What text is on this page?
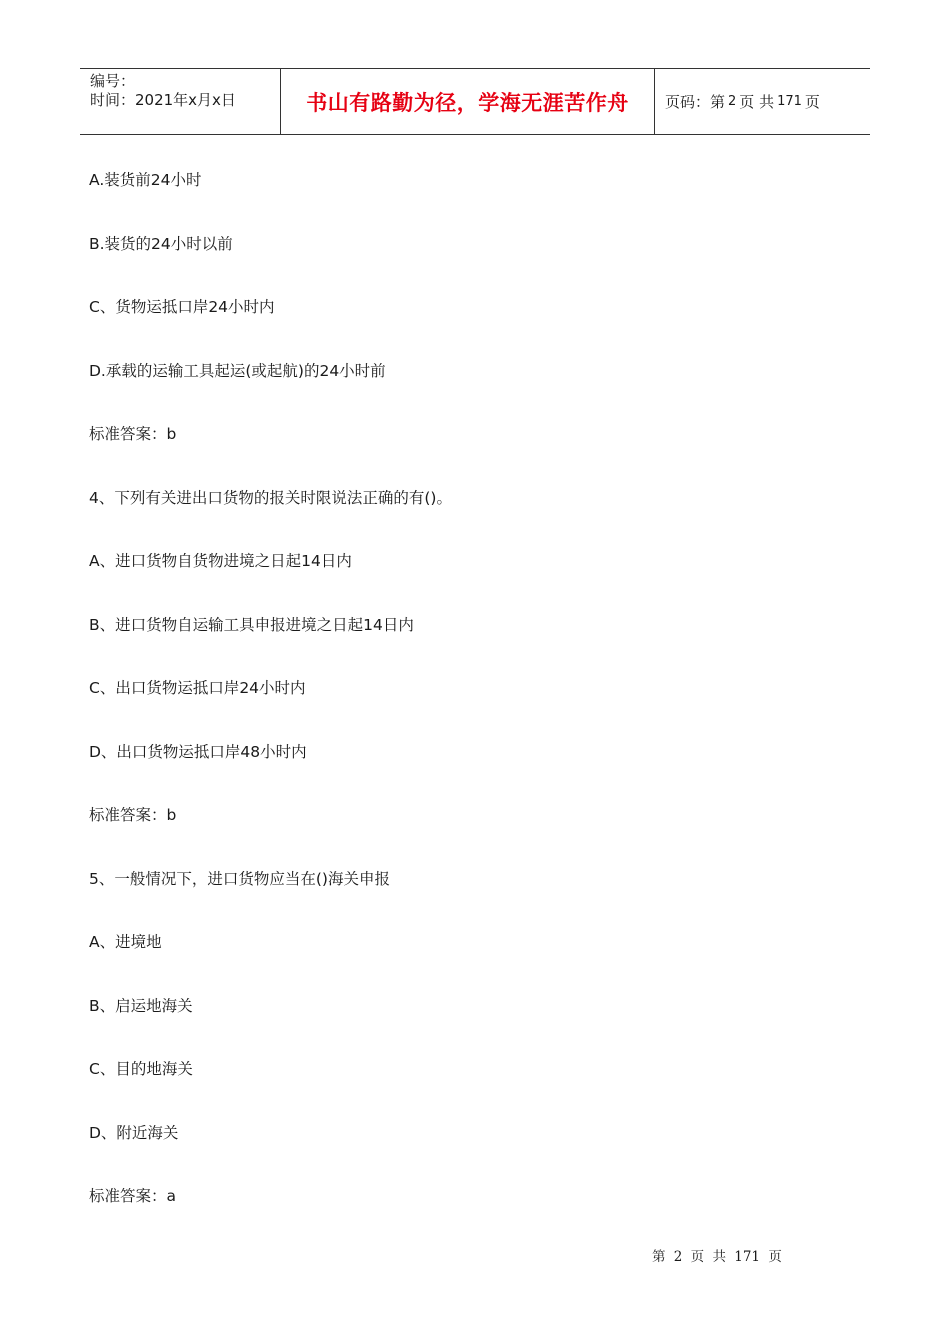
编号：
时间：2021年x月x日	书山有路勤为径，学海无涯苦作舟	页码：第 2 页 共 171 页
A.装货前24小时
B.装货的24小时以前
C、货物运抵口岸24小时内
D.承载的运输工具起运(或起航)的24小时前
标准答案：b
4、下列有关进出口货物的报关时限说法正确的有()。
A、进口货物自货物进境之日起14日内
B、进口货物自运输工具申报进境之日起14日内
C、出口货物运抵口岸24小时内
D、出口货物运抵口岸48小时内
标准答案：b
5、一般情况下，进口货物应当在()海关申报
A、进境地
B、启运地海关
C、目的地海关
D、附近海关
标准答案：a
第 2 页 共 171 页
